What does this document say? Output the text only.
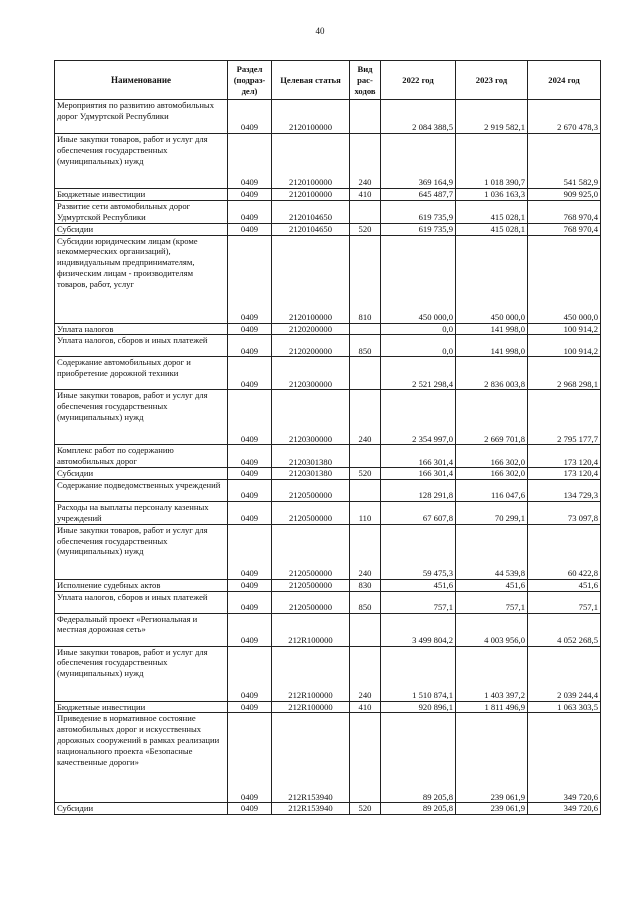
40
Наименование	Раздел (подраз-дел)	Целевая статья	Вид рас-ходов	2022 год	2023 год	2024 год
Мероприятия по развитию автомобильных дорог Удмуртской Республики	0409	2120100000		2 084 388,5	2 919 582,1	2 670 478,3
Иные закупки товаров, работ и услуг для обеспечения государственных (муниципальных) нужд	0409	2120100000	240	369 164,9	1 018 390,7	541 582,9
Бюджетные инвестиции	0409	2120100000	410	645 487,7	1 036 163,3	909 925,0
Развитие сети автомобильных дорог Удмуртской Республики	0409	2120104650		619 735,9	415 028,1	768 970,4
Субсидии	0409	2120104650	520	619 735,9	415 028,1	768 970,4
Субсидии юридическим лицам (кроме некоммерческих организаций), индивидуальным предпринимателям, физическим лицам - производителям товаров, работ, услуг	0409	2120100000	810	450 000,0	450 000,0	450 000,0
Уплата налогов	0409	2120200000		0,0	141 998,0	100 914,2
Уплата налогов, сборов и иных платежей	0409	2120200000	850	0,0	141 998,0	100 914,2
Содержание автомобильных дорог и приобретение дорожной техники	0409	2120300000		2 521 298,4	2 836 003,8	2 968 298,1
Иные закупки товаров, работ и услуг для обеспечения государственных (муниципальных) нужд	0409	2120300000	240	2 354 997,0	2 669 701,8	2 795 177,7
Комплекс работ по содержанию автомобильных дорог	0409	2120301380		166 301,4	166 302,0	173 120,4
Субсидии	0409	2120301380	520	166 301,4	166 302,0	173 120,4
Содержание подведомственных учреждений	0409	2120500000		128 291,8	116 047,6	134 729,3
Расходы на выплаты персоналу казенных учреждений	0409	2120500000	110	67 607,8	70 299,1	73 097,8
Иные закупки товаров, работ и услуг для обеспечения государственных (муниципальных) нужд	0409	2120500000	240	59 475,3	44 539,8	60 422,8
Исполнение судебных актов	0409	2120500000	830	451,6	451,6	451,6
Уплата налогов, сборов и иных платежей	0409	2120500000	850	757,1	757,1	757,1
Федеральный проект «Региональная и местная дорожная сеть»	0409	212R100000		3 499 804,2	4 003 956,0	4 052 268,5
Иные закупки товаров, работ и услуг для обеспечения государственных (муниципальных) нужд	0409	212R100000	240	1 510 874,1	1 403 397,2	2 039 244,4
Бюджетные инвестиции	0409	212R100000	410	920 896,1	1 811 496,9	1 063 303,5
Приведение в нормативное состояние автомобильных дорог и искусственных дорожных сооружений в рамках реализации национального проекта «Безопасные качественные дороги»	0409	212R153940		89 205,8	239 061,9	349 720,6
Субсидии	0409	212R153940	520	89 205,8	239 061,9	349 720,6
